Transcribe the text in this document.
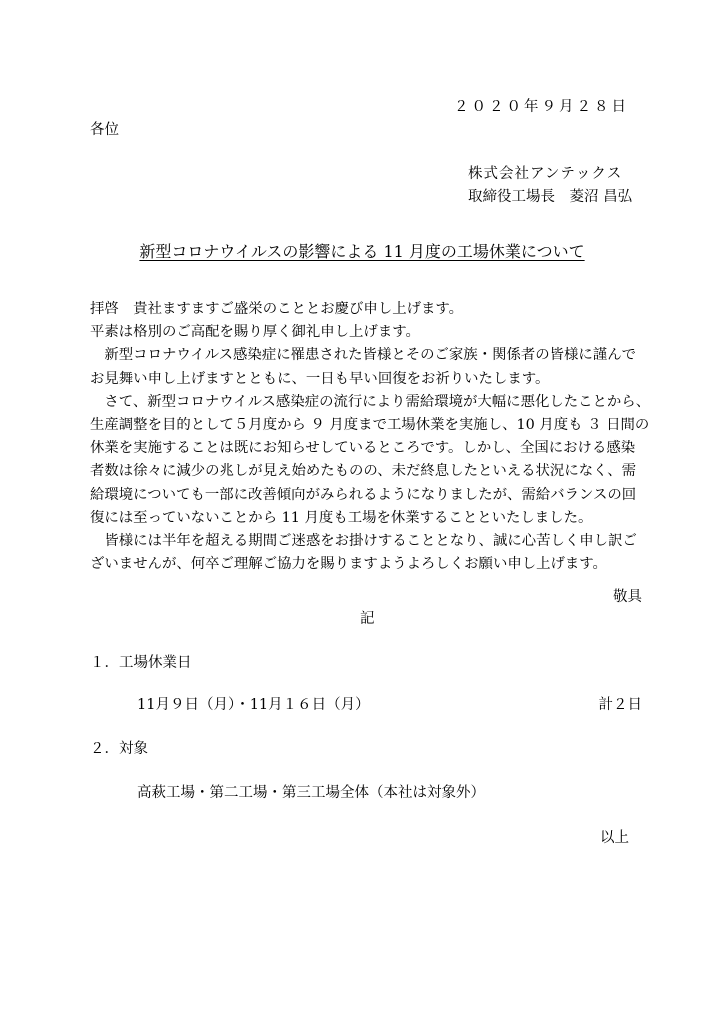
２０２０年９月２８日
各位
株式会社アンテックス
取締役工場長　菱沼 昌弘
新型コロナウイルスの影響による 11 月度の工場休業について

拝啓　貴社ますますご盛栄のこととお慶び申し上げます。

平素は格別のご高配を賜り厚く御礼申し上げます。

　新型コロナウイルス感染症に罹患された皆様とそのご家族・関係者の皆様に謹んで

お見舞い申し上げますとともに、一日も早い回復をお祈りいたします。

　さて、新型コロナウイルス感染症の流行により需給環境が大幅に悪化したことから、

生産調整を目的として５月度から ９ 月度まで工場休業を実施し、10 月度も ３ 日間の

休業を実施することは既にお知らせしているところです。しかし、全国における感染

者数は徐々に減少の兆しが見え始めたものの、未だ終息したといえる状況になく、需

給環境についても一部に改善傾向がみられるようになりましたが、需給バランスの回

復には至っていないことから 11 月度も工場を休業することといたしました。

　皆様には半年を超える期間ご迷惑をお掛けすることとなり、誠に心苦しく申し訳ご

ざいませんが、何卒ご理解ご協力を賜りますようよろしくお願い申し上げます。

敬具
記
１．工場休業日
11月９日（月）・11月１６日（月）	計２日
２．対象
高萩工場・第二工場・第三工場全体（本社は対象外）
以上
